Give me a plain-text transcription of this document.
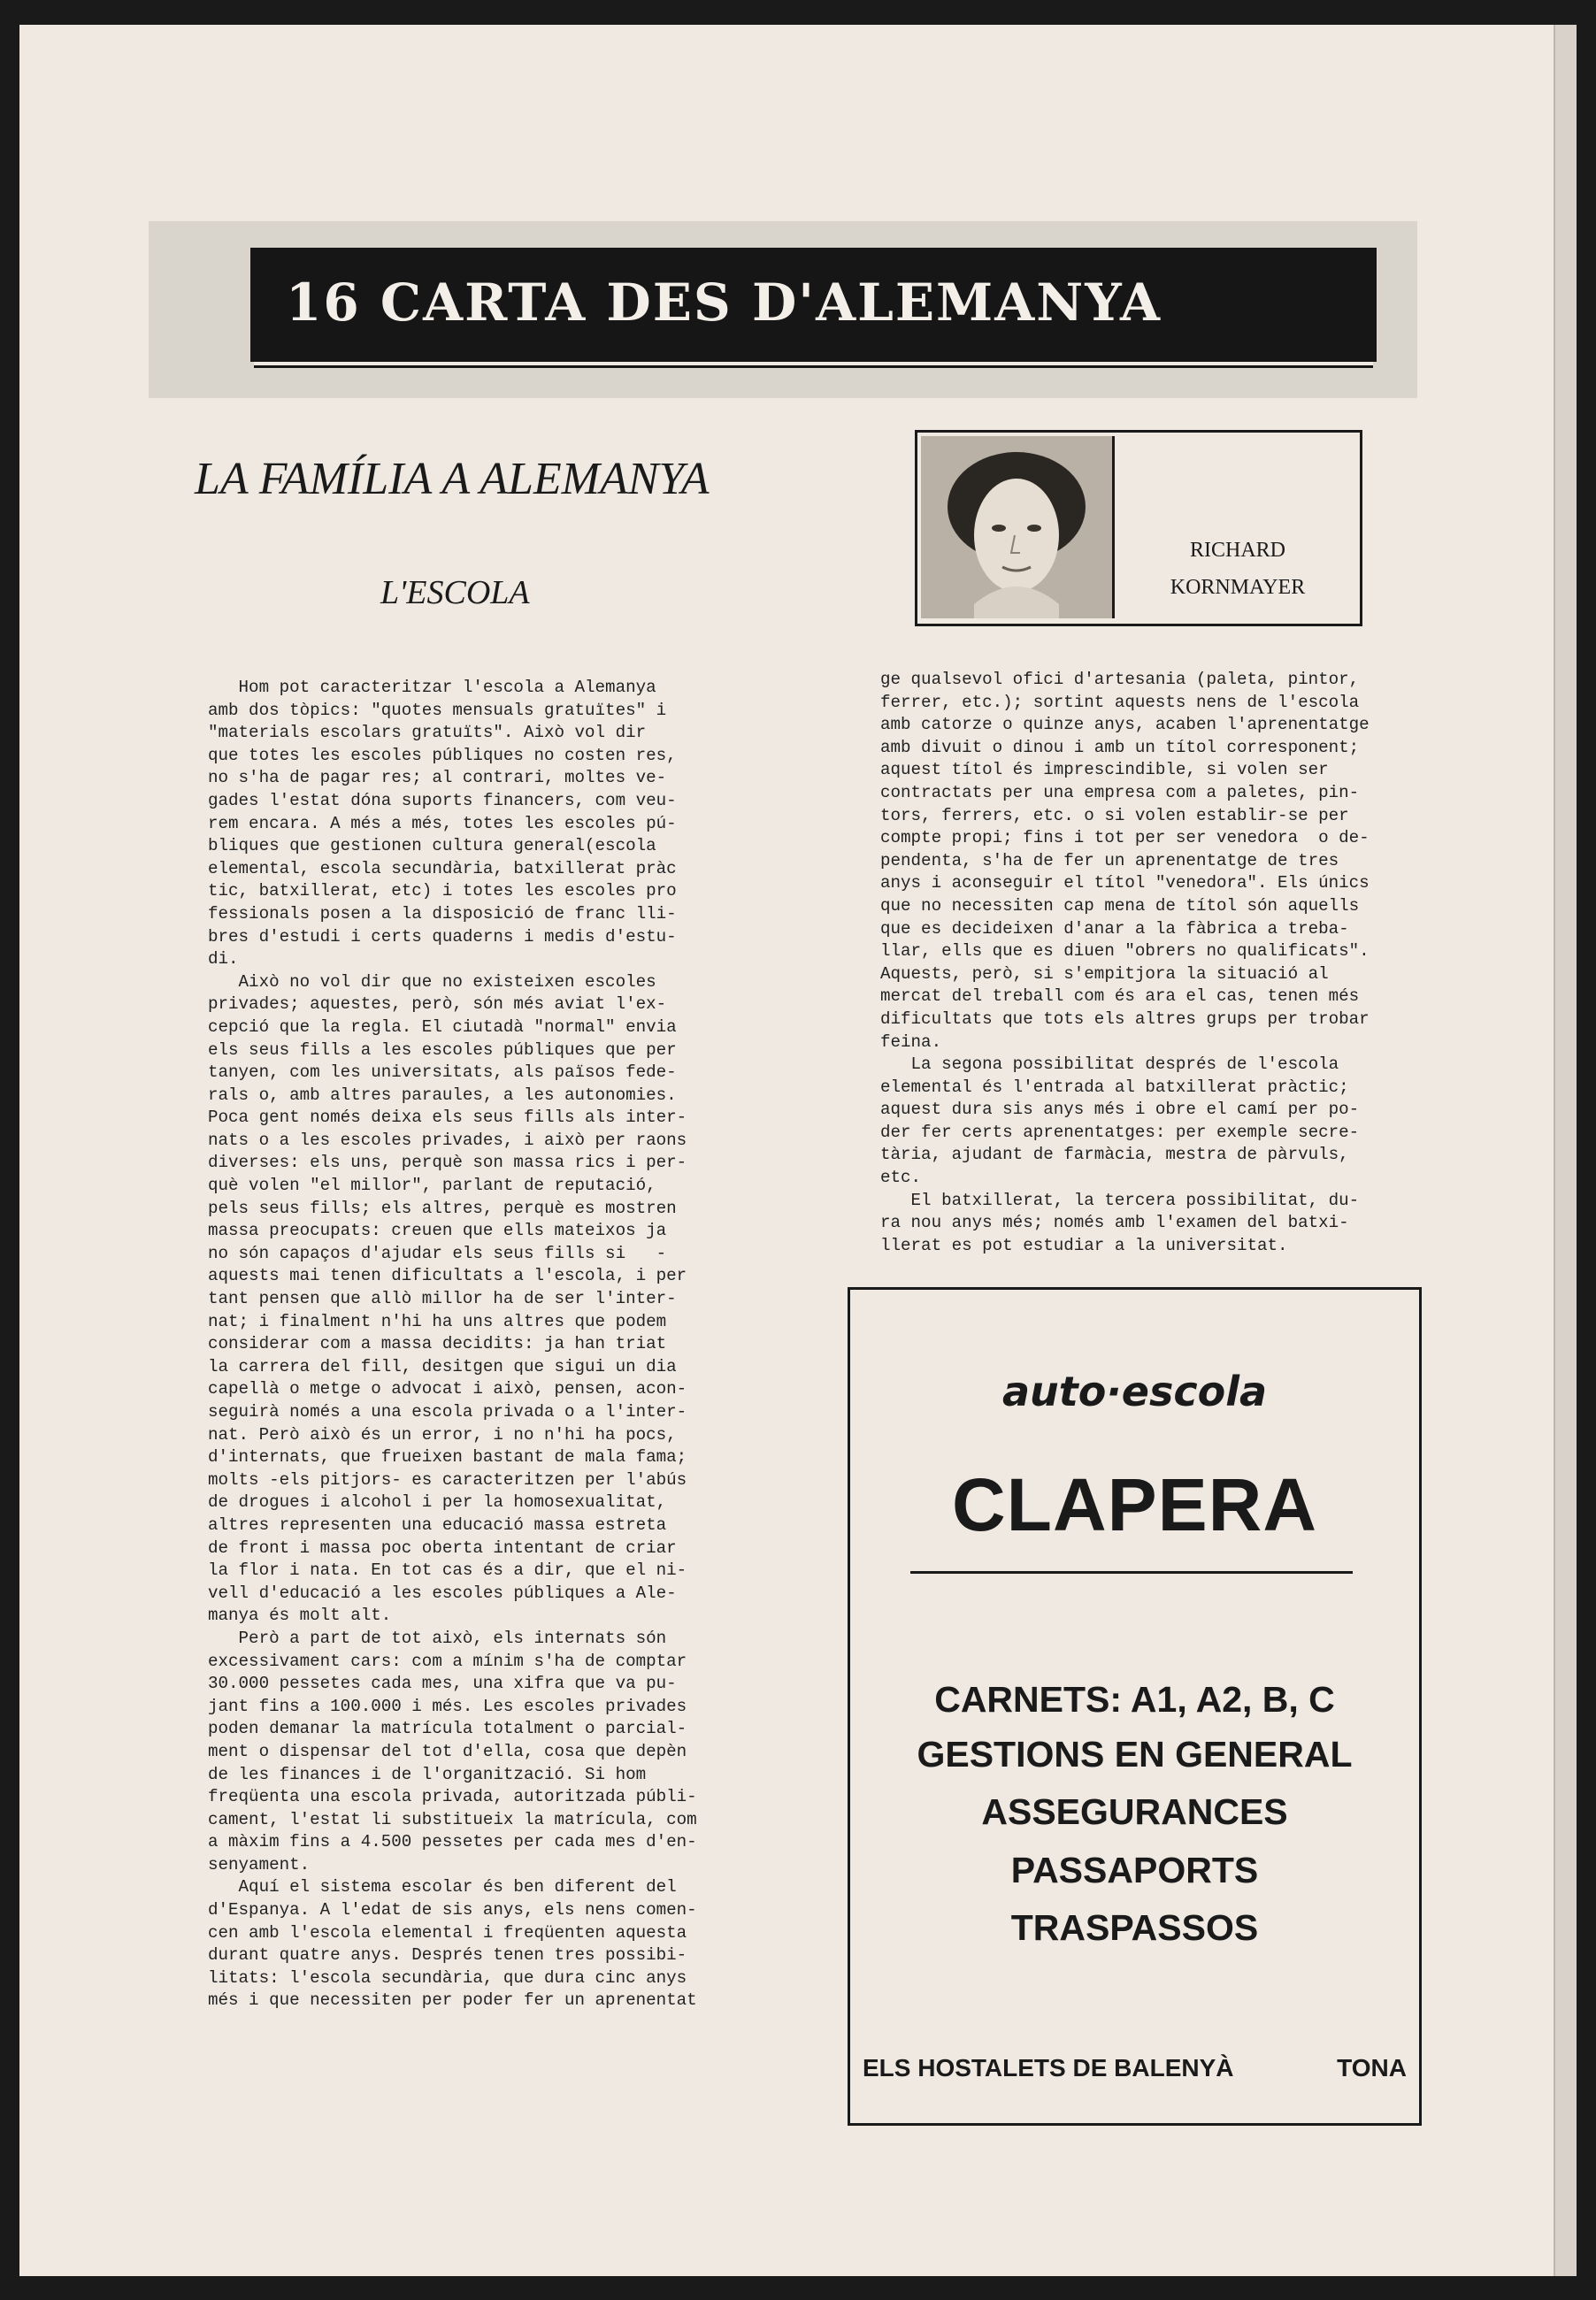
16 CARTA DES D'ALEMANYA
LA FAMÍLIA A ALEMANYA
L'ESCOLA
RICHARD KORNMAYER
Hom pot caracteritzar l'escola a Alemanya
amb dos tòpics: "quotes mensuals gratuïtes" i
"materials escolars gratuïts". Això vol dir
que totes les escoles públiques no costen res,
no s'ha de pagar res; al contrari, moltes ve-
gades l'estat dóna suports financers, com veu-
rem encara. A més a més, totes les escoles pú-
bliques que gestionen cultura general(escola
elemental, escola secundària, batxillerat pràc
tic, batxillerat, etc) i totes les escoles pro
fessionals posen a la disposició de franc lli-
bres d'estudi i certs quaderns i medis d'estu-
di.
Això no vol dir que no existeixen escoles
privades; aquestes, però, són més aviat l'ex-
cepció que la regla. El ciutadà "normal" envia
els seus fills a les escoles públiques que per
tanyen, com les universitats, als països fede-
rals o, amb altres paraules, a les autonomies.
Poca gent només deixa els seus fills als inter-
nats o a les escoles privades, i això per raons
diverses: els uns, perquè son massa rics i per-
què volen "el millor", parlant de reputació,
pels seus fills; els altres, perquè es mostren
massa preocupats: creuen que ells mateixos ja
no són capaços d'ajudar els seus fills si   -
aquests mai tenen dificultats a l'escola, i per
tant pensen que allò millor ha de ser l'inter-
nat; i finalment n'hi ha uns altres que podem
considerar com a massa decidits: ja han triat
la carrera del fill, desitgen que sigui un dia
capellà o metge o advocat i això, pensen, acon-
seguirà només a una escola privada o a l'inter-
nat. Però això és un error, i no n'hi ha pocs,
d'internats, que frueixen bastant de mala fama;
molts -els pitjors- es caracteritzen per l'abús
de drogues i alcohol i per la homosexualitat,
altres representen una educació massa estreta
de front i massa poc oberta intentant de criar
la flor i nata. En tot cas és a dir, que el ni-
vell d'educació a les escoles públiques a Ale-
manya és molt alt.
Però a part de tot això, els internats són
excessivament cars: com a mínim s'ha de comptar
30.000 pessetes cada mes, una xifra que va pu-
jant fins a 100.000 i més. Les escoles privades
poden demanar la matrícula totalment o parcial-
ment o dispensar del tot d'ella, cosa que depèn
de les finances i de l'organització. Si hom
freqüenta una escola privada, autoritzada públi-
cament, l'estat li substitueix la matrícula, com
a màxim fins a 4.500 pessetes per cada mes d'en-
senyament.
Aquí el sistema escolar és ben diferent del
d'Espanya. A l'edat de sis anys, els nens comen-
cen amb l'escola elemental i freqüenten aquesta
durant quatre anys. Després tenen tres possibi-
litats: l'escola secundària, que dura cinc anys
més i que necessiten per poder fer un aprenentat
ge qualsevol ofici d'artesania (paleta, pintor,
ferrer, etc.); sortint aquests nens de l'escola
amb catorze o quinze anys, acaben l'aprenentatge
amb divuit o dinou i amb un títol corresponent;
aquest títol és imprescindible, si volen ser
contractats per una empresa com a paletes, pin-
tors, ferrers, etc. o si volen establir-se per
compte propi; fins i tot per ser venedora  o de-
pendenta, s'ha de fer un aprenentatge de tres
anys i aconseguir el títol "venedora". Els únics
que no necessiten cap mena de títol són aquells
que es decideixen d'anar a la fàbrica a treba-
llar, ells que es diuen "obrers no qualificats".
Aquests, però, si s'empitjora la situació al
mercat del treball com és ara el cas, tenen més
dificultats que tots els altres grups per trobar
feina.
La segona possibilitat després de l'escola
elemental és l'entrada al batxillerat pràctic;
aquest dura sis anys més i obre el camí per po-
der fer certs aprenentatges: per exemple secre-
tària, ajudant de farmàcia, mestra de pàrvuls,
etc.
El batxillerat, la tercera possibilitat, du-
ra nou anys més; només amb l'examen del batxi-
llerat es pot estudiar a la universitat.
auto·escola
CLAPERA
CARNETS: A1, A2, B, C
GESTIONS EN GENERAL
ASSEGURANCES
PASSAPORTS
TRASPASSOS
ELS HOSTALETS DE BALENYÀ	TONA
